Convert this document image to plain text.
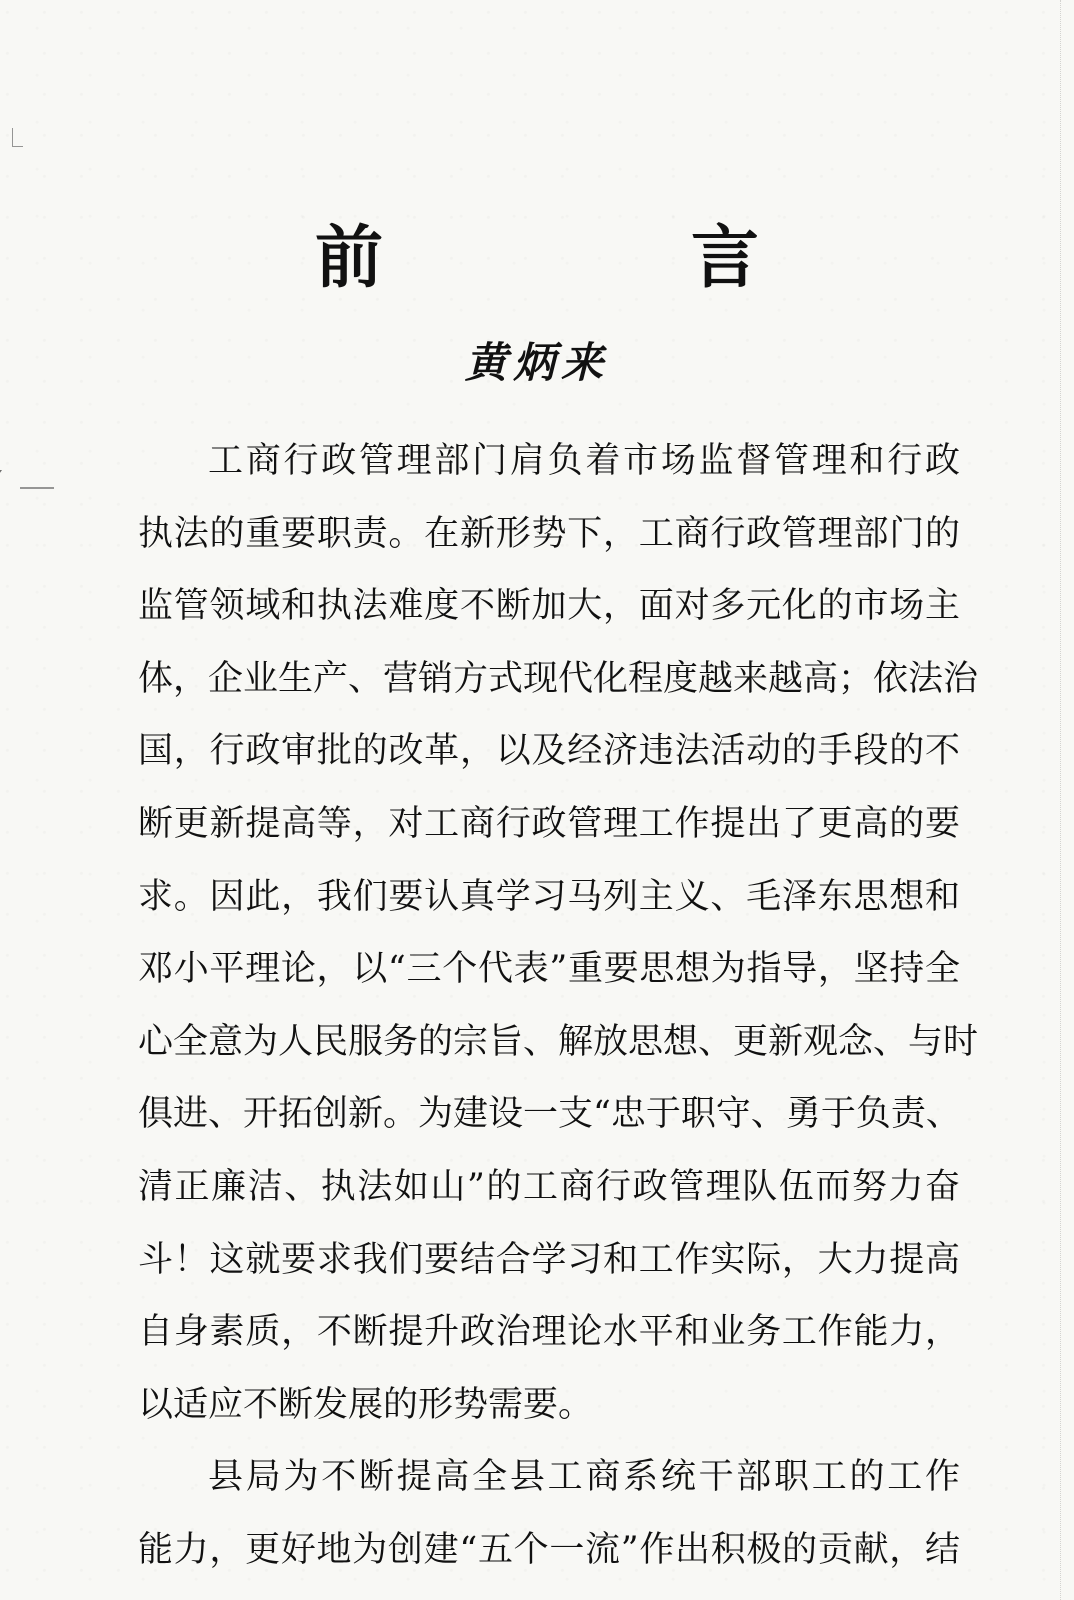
前　言
黄炳来
工商行政管理部门肩负着市场监督管理和行政
执法的重要职责。在新形势下，工商行政管理部门的
监管领域和执法难度不断加大，面对多元化的市场主
体，企业生产、营销方式现代化程度越来越高；依法治
国，行政审批的改革，以及经济违法活动的手段的不
断更新提高等，对工商行政管理工作提出了更高的要
求。因此，我们要认真学习马列主义、毛泽东思想和
邓小平理论，以“三个代表”重要思想为指导，坚持全
心全意为人民服务的宗旨、解放思想、更新观念、与时
俱进、开拓创新。为建设一支“忠于职守、勇于负责、
清正廉洁、执法如山”的工商行政管理队伍而努力奋
斗！这就要求我们要结合学习和工作实际，大力提高
自身素质，不断提升政治理论水平和业务工作能力，
以适应不断发展的形势需要。
县局为不断提高全县工商系统干部职工的工作
能力，更好地为创建“五个一流”作出积极的贡献，结
